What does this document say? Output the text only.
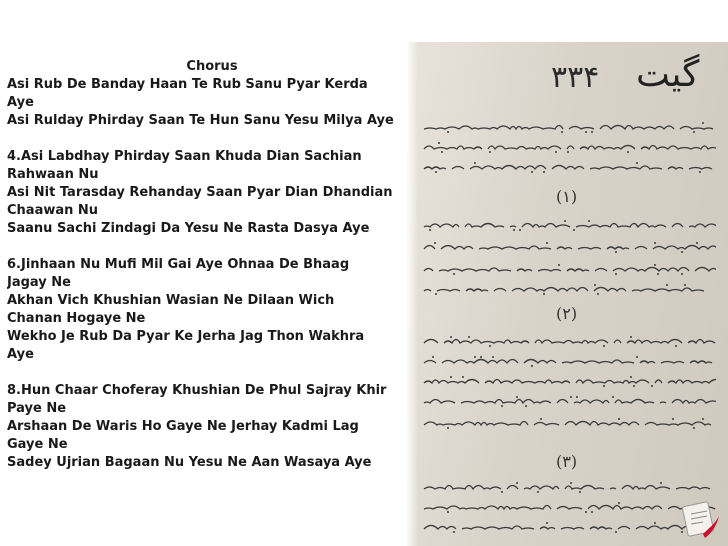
Chorus
Asi Rub De Banday Haan Te Rub Sanu Pyar Kerda
Aye
Asi Rulday Phirday Saan Te Hun Sanu Yesu Milya Aye
4.Asi Labdhay Phirday Saan Khuda Dian Sachian
Rahwaan Nu
Asi Nit Tarasday Rehanday Saan Pyar Dian Dhandian
Chaawan Nu
Saanu Sachi Zindagi Da Yesu Ne Rasta Dasya Aye
6.Jinhaan Nu Mufi Mil Gai Aye Ohnaa De Bhaag
Jagay Ne
Akhan Vich Khushian Wasian Ne Dilaan Wich
Chanan Hogaye Ne
Wekho Je Rub Da Pyar Ke Jerha Jag Thon Wakhra
Aye
8.Hun Chaar Choferay Khushian De Phul Sajray Khir
Paye Ne
Arshaan De Waris Ho Gaye Ne Jerhay Kadmi Lag
Gaye Ne
Sadey Ujrian Bagaan Nu Yesu Ne Aan Wasaya Aye
۳۳۴ گیت
(۱)
(۲)
(۳)
